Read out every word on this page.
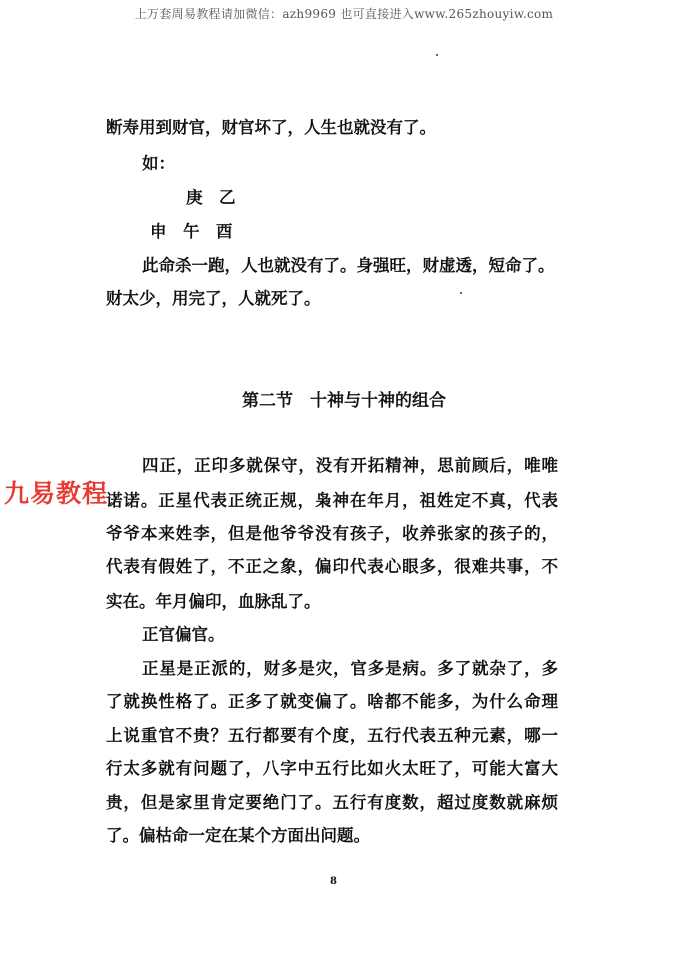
上万套周易教程请加微信：azh9969 也可直接进入www.265zhouyiw.com
断寿用到财官，财官坏了，人生也就没有了。
如：
庚　乙
申　午　酉
此命杀一跑，人也就没有了。身强旺，财虚透，短命了。
财太少，用完了，人就死了。
第二节　十神与十神的组合
四正，正印多就保守，没有开拓精神，思前顾后，唯唯
诺诺。正星代表正统正规，枭神在年月，祖姓定不真，代表
爷爷本来姓李，但是他爷爷没有孩子，收养张家的孩子的，
代表有假姓了，不正之象，偏印代表心眼多，很难共事，不
实在。年月偏印，血脉乱了。
正官偏官。
正星是正派的，财多是灾，官多是病。多了就杂了，多
了就换性格了。正多了就变偏了。啥都不能多，为什么命理
上说重官不贵？五行都要有个度，五行代表五种元素，哪一
行太多就有问题了，八字中五行比如火太旺了，可能大富大
贵，但是家里肯定要绝门了。五行有度数，超过度数就麻烦
了。偏枯命一定在某个方面出问题。
九易教程
8
